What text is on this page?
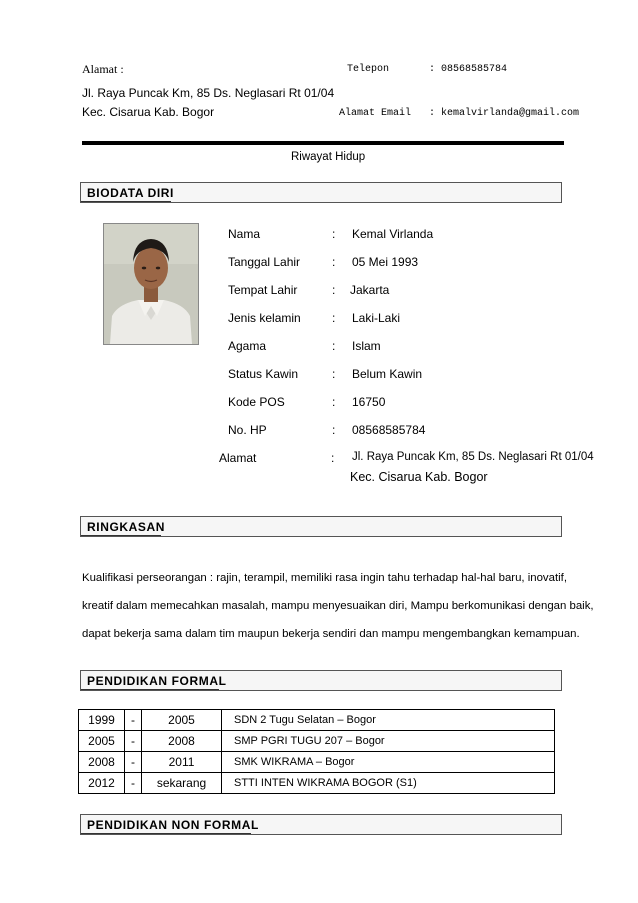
Alamat :	Telepon	: 08568585784
Jl. Raya Puncak Km, 85 Ds. Neglasari Rt 01/04
Kec. Cisarua Kab. Bogor	Alamat Email : kemalvirlanda@gmail.com
Riwayat Hidup
BIODATA DIRI
Nama	: Kemal Virlanda
Tanggal Lahir	: 05 Mei 1993
Tempat Lahir	: Jakarta
Jenis kelamin	: Laki-Laki
Agama	: Islam
Status Kawin	: Belum Kawin
Kode POS	: 16750
No. HP	: 08568585784
Alamat	: Jl. Raya Puncak Km, 85 Ds. Neglasari Rt 01/04
Kec. Cisarua Kab. Bogor
RINGKASAN
Kualifikasi perseorangan : rajin, terampil, memiliki rasa ingin tahu terhadap hal-hal baru, inovatif,
kreatif dalam memecahkan masalah, mampu menyesuaikan diri, Mampu berkomunikasi dengan baik,
dapat bekerja sama dalam tim maupun bekerja sendiri dan mampu mengembangkan kemampuan.
PENDIDIKAN FORMAL
1999	-	2005	SDN 2 Tugu Selatan – Bogor
2005	-	2008	SMP PGRI TUGU 207 – Bogor
2008	-	2011	SMK WIKRAMA – Bogor
2012	-	sekarang	STTI INTEN WIKRAMA BOGOR (S1)
PENDIDIKAN NON FORMAL
